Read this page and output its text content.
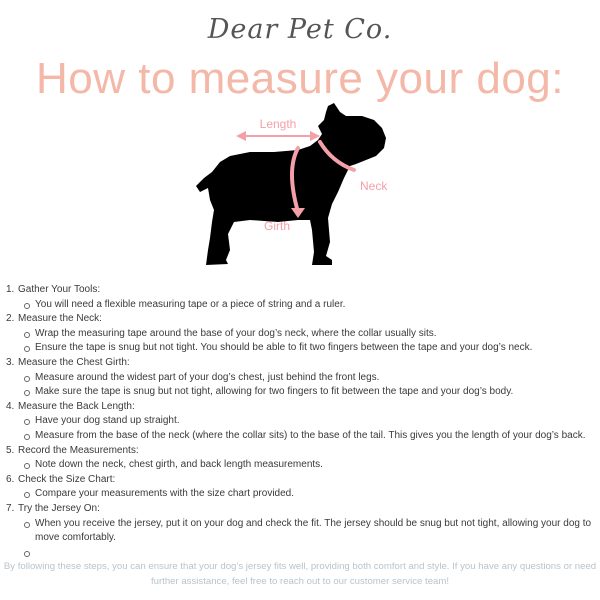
Dear Pet Co.
How to measure your dog:
Length
Neck
Girth
1. Gather Your Tools:
You will need a flexible measuring tape or a piece of string and a ruler.
2. Measure the Neck:
Wrap the measuring tape around the base of your dog’s neck, where the collar usually sits.
Ensure the tape is snug but not tight. You should be able to fit two fingers between the tape and your dog’s neck.
3. Measure the Chest Girth:
Measure around the widest part of your dog’s chest, just behind the front legs.
Make sure the tape is snug but not tight, allowing for two fingers to fit between the tape and your dog’s body.
4. Measure the Back Length:
Have your dog stand up straight.
Measure from the base of the neck (where the collar sits) to the base of the tail. This gives you the length of your dog’s back.
5. Record the Measurements:
Note down the neck, chest girth, and back length measurements.
6. Check the Size Chart:
Compare your measurements with the size chart provided.
7. Try the Jersey On:
When you receive the jersey, put it on your dog and check the fit. The jersey should be snug but not tight, allowing your dog to move comfortably.
By following these steps, you can ensure that your dog’s jersey fits well, providing both comfort and style. If you have any questions or need further assistance, feel free to reach out to our customer service team!
